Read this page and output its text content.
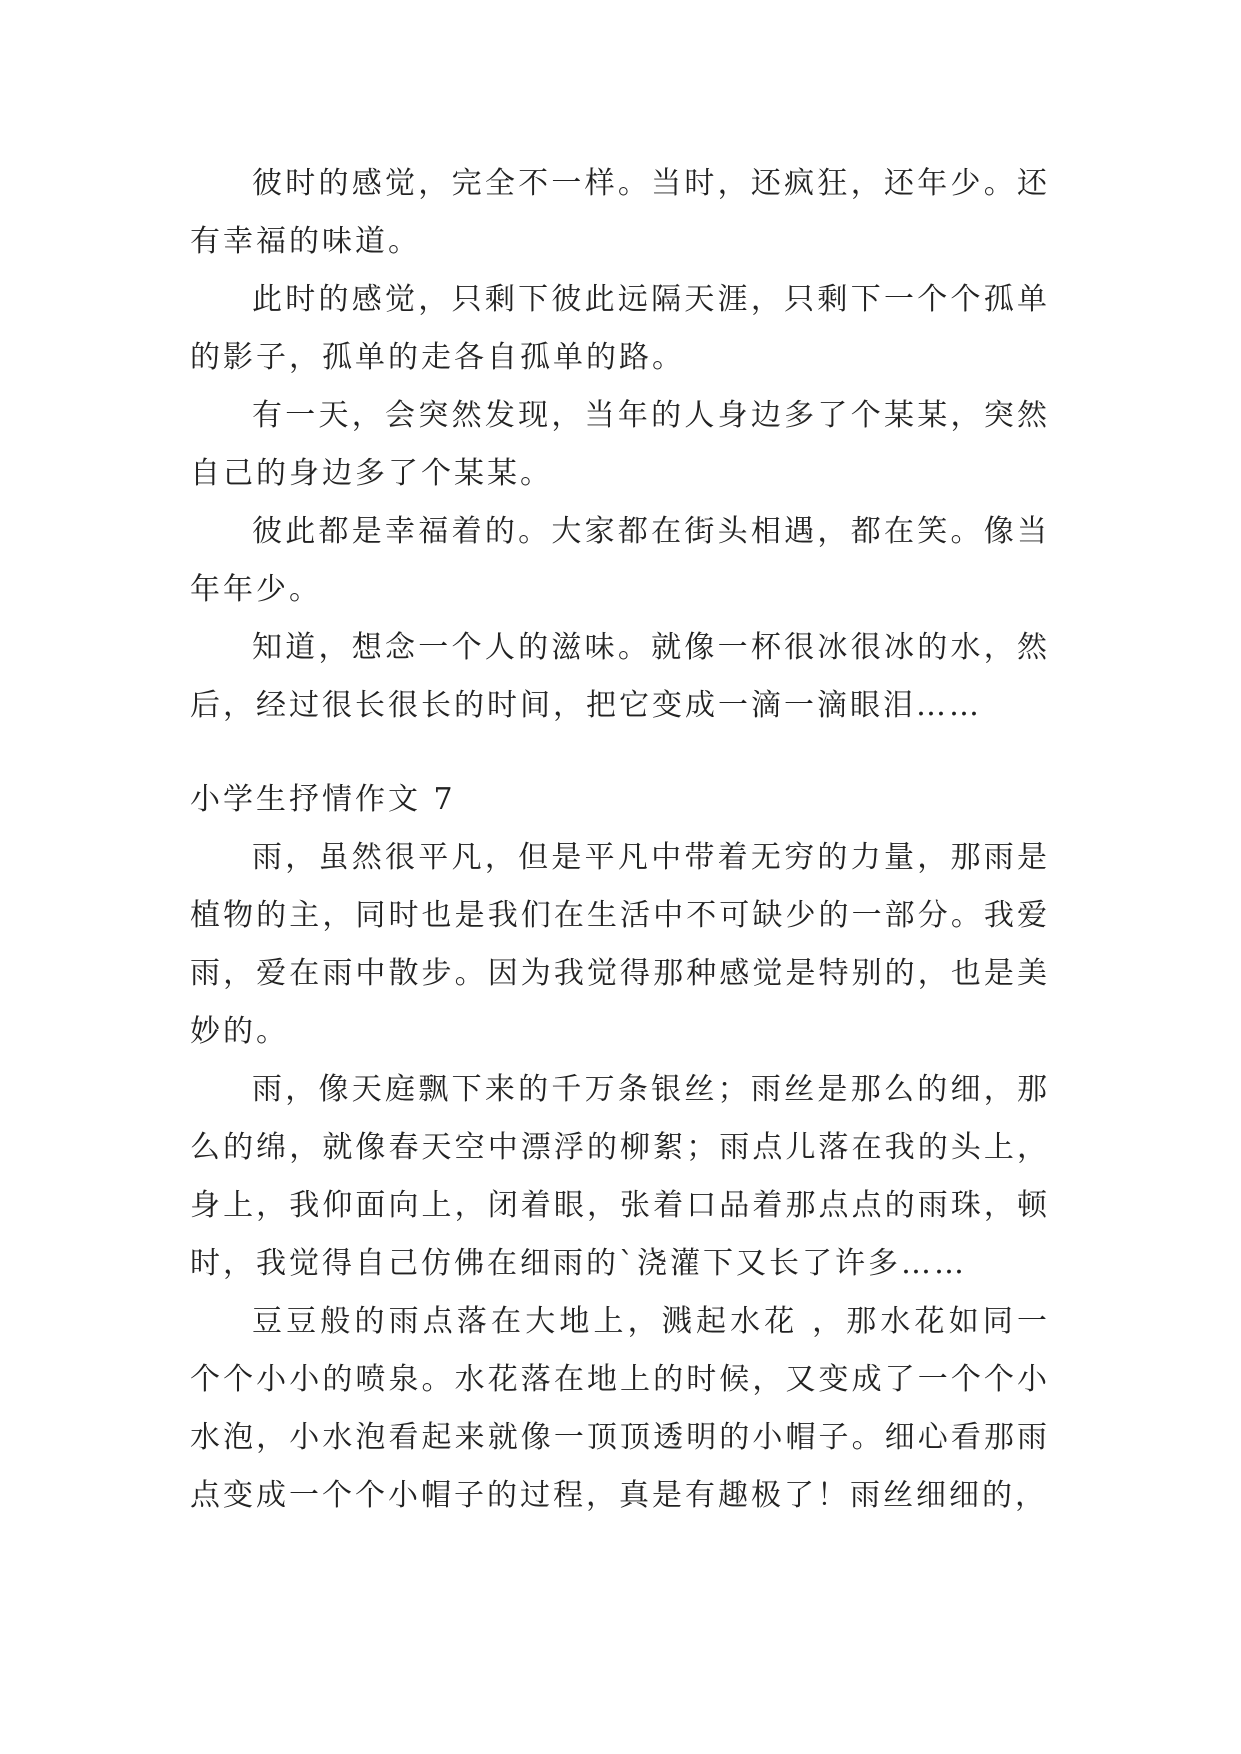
彼时的感觉，完全不一样。当时，还疯狂，还年少。还有幸福的味道。

此时的感觉，只剩下彼此远隔天涯，只剩下一个个孤单的影子，孤单的走各自孤单的路。

有一天，会突然发现，当年的人身边多了个某某，突然自己的身边多了个某某。

彼此都是幸福着的。大家都在街头相遇，都在笑。像当年年少。

知道，想念一个人的滋味。就像一杯很冰很冰的水，然后，经过很长很长的时间，把它变成一滴一滴眼泪……

小学生抒情作文 7

雨，虽然很平凡，但是平凡中带着无穷的力量，那雨是植物的主，同时也是我们在生活中不可缺少的一部分。我爱雨，爱在雨中散步。因为我觉得那种感觉是特别的，也是美妙的。

雨，像天庭飘下来的千万条银丝；雨丝是那么的细，那么的绵，就像春天空中漂浮的柳絮；雨点儿落在我的头上，身上，我仰面向上，闭着眼，张着口品着那点点的雨珠，顿时，我觉得自己仿佛在细雨的`浇灌下又长了许多……

豆豆般的雨点落在大地上，溅起水花 ，那水花如同一个个小小的喷泉。水花落在地上的时候，又变成了一个个小水泡，小水泡看起来就像一顶顶透明的小帽子。细心看那雨点变成一个个小帽子的过程，真是有趣极了！雨丝细细的，
